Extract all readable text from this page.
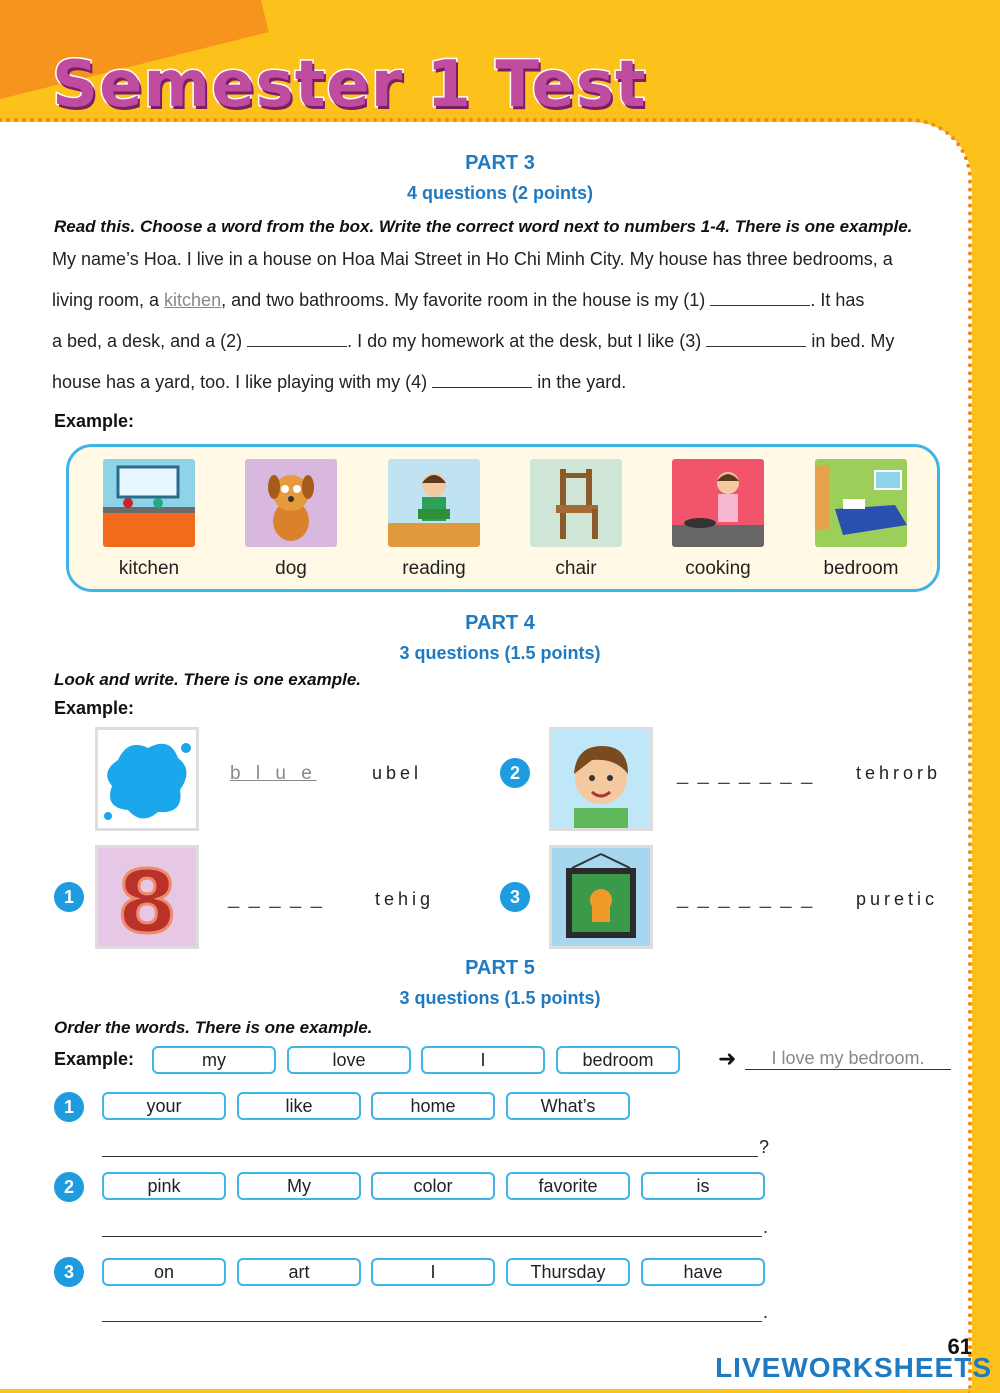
Semester 1 Test
PART 3
4 questions (2 points)
Read this. Choose a word from the box. Write the correct word next to numbers 1-4. There is one example.
My name’s Hoa. I live in a house on Hoa Mai Street in Ho Chi Minh City. My house has three bedrooms, a
living room, a kitchen, and two bathrooms. My favorite room in the house is my (1)	. It has
a bed, a desk, and a (2)	. I do my homework at the desk, but I like (3)	in bed. My
house has a yard, too. I like playing with my (4)	in the yard.
Example:
kitchen	dog	reading	chair	cooking	bedroom
PART 4
3 questions (1.5 points)
Look and write. There is one example.
Example:
b l u e	ubel
1 8	_ _ _ _ _	tehig
2	_ _ _ _ _ _ _ tehrorb
3	_ _ _ _ _ _ _ puretic
PART 5
3 questions (1.5 points)
Order the words. There is one example.
Example:	my	love	I	bedroom	➜	I love my bedroom.
1	your	like	home	What’s
?
2	pink	My	color	favorite	is
.
3	on	art	I	Thursday	have
.
61
LIVEWORKSHEETS
